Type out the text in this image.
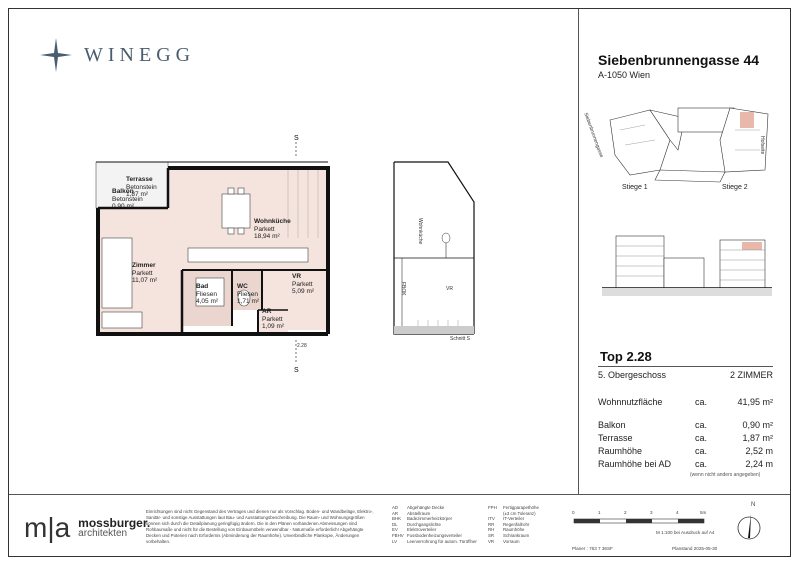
WINEGG
S
S
Terrasse
Betonstein
1,87 m²
Balkon
Betonstein
0,90 m²
Wohnküche
Parkett
18,94 m²
Zimmer
Parkett
11,07 m²
Bad
Fliesen
4,05 m²
WC
Fliesen
1,71 m²
VR
Parkett
5,09 m²
AR
Parkett
1,09 m²
2.28
Wohnküche
VR
FBOK
Schnitt S
Siebenbrunnengasse 44
A-1050 Wien
Siebenbrunnengasse	Hofseite
Stiege 1	Stiege 2
Top 2.28
5. Obergeschoss	2 ZIMMER
Wohnnutzfläche	ca.	41,95 m²
Balkon	ca.	0,90 m²
Terrasse	ca.	1,87 m²
Raumhöhe	ca.	2,52 m
Raumhöhe bei AD	ca.	2,24 m
(wenn nicht anders angegeben)
m|a mossburger.
architekten
Einrichtungen sind nicht Gegenstand des Vertrages und dienen nur als Vorschlag. Boden- und Wandbeläge, Elektro-, Sanitär- und sonstige Ausstattungen laut Bau- und Ausstattungsbeschreibung. Die Raum- und Wohnungsgrößen können sich durch die Detailplanung geringfügig ändern. Die in den Plänen vorhandenen Abmessungen sind Rohbaumaße und nicht für die Bestellung von Einbaumöbeln verwendbar - Naturmaße erforderlich! Abgehängte Decken und Poterien nach Erfordernis (Abminderung der Raumhöhe). Unverbindliche Plankopie, Änderungen vorbehalten.
AD	Abgehängte Decke
AR	Abstellraum
BHK	Badezimmerheizkörper
DL	Durchgangslichte
EV	Elektroverteiler
FBHV Fussbodenheizungsverteiler
LV	Leerverrohrung für autom. Türöffner
FPH	Fertigparapethöhe
(±3 cm Toleranz)
ITV	IT-Verteiler
RR	Regenfallrohr
RH	Raumhöhe
SR	Schrankraum
VR	Vorraum
0	1	2	3	4	5m
M 1:100 bei Ausdruck auf A4
Planer : 763 7 36SF	Planstand 2025-05-30
N
